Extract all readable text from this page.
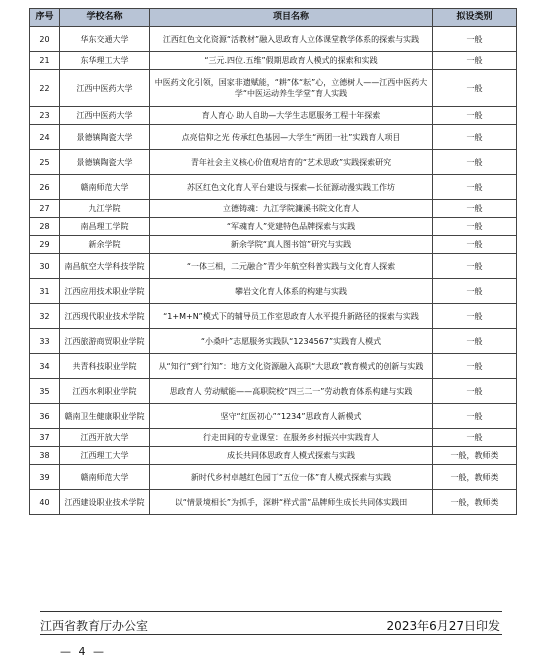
序号	学校名称	项目名称	拟设类别
20	华东交通大学	江西红色文化资源“活教材”融入思政育人立体课堂教学体系的探索与实践	一般
21	东华理工大学	“三元.四位.五维”假期思政育人模式的探索和实践	一般
22	江西中医药大学	中医药文化引领，国家非遗赋能，“耕”体“耘”心，立德树人——江西中医药大学“中医运动养生学堂”育人实践	一般
23	江西中医药大学	育人育心 助人自助—大学生志愿服务工程十年探索	一般
24	景德镇陶瓷大学	点亮信仰之光 传承红色基因—大学生“两团一社”实践育人项目	一般
25	景德镇陶瓷大学	青年社会主义核心价值观培育的“艺术思政”实践探索研究	一般
26	赣南师范大学	苏区红色文化育人平台建设与探索—长征源动漫实践工作坊	一般
27	九江学院	立德铸魂：九江学院濂溪书院文化育人	一般
28	南昌理工学院	“军魂育人”党建特色品牌探索与实践	一般
29	新余学院	新余学院“真人图书馆”研究与实践	一般
30	南昌航空大学科技学院	“一体三相，二元融合”青少年航空科普实践与文化育人探索	一般
31	江西应用技术职业学院	攀岩文化育人体系的构建与实践	一般
32	江西现代职业技术学院	“1+M+N”模式下的辅导员工作室思政育人水平提升新路径的探索与实践	一般
33	江西旅游商贸职业学院	“小桑叶”志愿服务实践队“1234567”实践育人模式	一般
34	共青科技职业学院	从“知行”到“行知”：地方文化资源融入高职“大思政”教育模式的创新与实践	一般
35	江西水利职业学院	思政育人 劳动赋能——高职院校“四三二一”劳动教育体系构建与实践	一般
36	赣南卫生健康职业学院	坚守“红医初心”“1234”思政育人新模式	一般
37	江西开放大学	行走田间的专业课堂：在服务乡村振兴中实践育人	一般
38	江西理工大学	成长共同体思政育人模式探索与实践	一般，教师类
39	赣南师范大学	新时代乡村卓越红色园丁“五位一体”育人模式探索与实践	一般，教师类
40	江西建设职业技术学院	以“情景境相长”为抓手，深耕“样式雷”品牌师生成长共同体实践田	一般，教师类
江西省教育厅办公室	2023年6月27日印发
— 4 —
